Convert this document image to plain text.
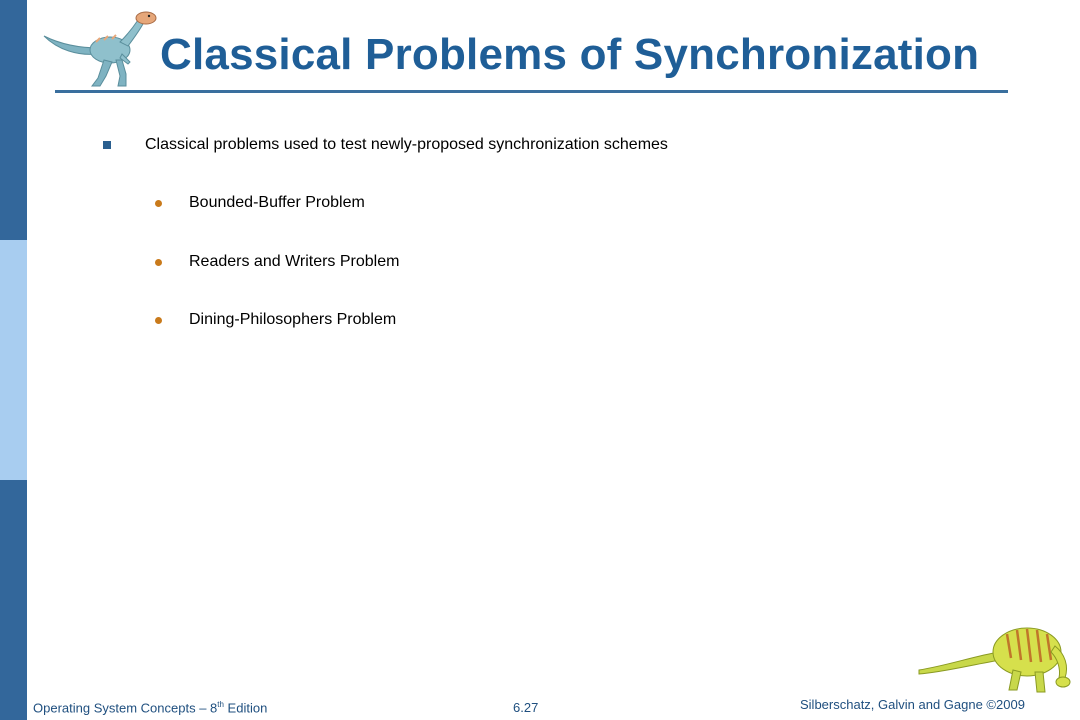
Classical Problems of Synchronization
Classical problems used to test newly-proposed synchronization schemes
Bounded-Buffer Problem
Readers and Writers Problem
Dining-Philosophers Problem
Operating System Concepts – 8th Edition	6.27	Silberschatz, Galvin and Gagne ©2009
